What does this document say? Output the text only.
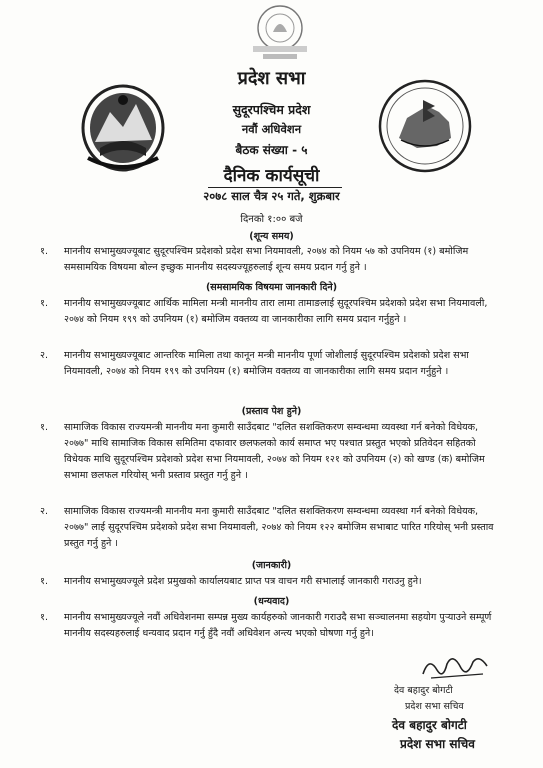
प्रदेश सभा
सुदूरपश्चिम प्रदेश
नवौं अधिवेशन
बैठक संख्या - ५
दैनिक कार्यसूची
२०७८ साल चैत्र २५ गते, शुक्रबार
दिनको १:०० बजे
(शून्य समय)
१. माननीय सभामुख्यज्यूबाट सुदूरपश्चिम प्रदेशको प्रदेश सभा नियमावली, २०७४ को नियम ५७ को उपनियम (१) बमोजिम समसामयिक विषयमा बोल्न इच्छुक माननीय सदस्यज्यूहरुलाई शून्य समय प्रदान गर्नु हुने ।

(समसामयिक विषयमा जानकारी दिने)
१. माननीय सभामुख्यज्यूबाट आर्थिक मामिला मन्त्री माननीय तारा लामा तामाङलाई सुदूरपश्चिम प्रदेशको प्रदेश सभा नियमावली, २०७४ को नियम १९९ को उपनियम (१) बमोजिम वक्तव्य वा जानकारीका लागि समय प्रदान गर्नुहुने ।

२. माननीय सभामुख्यज्यूबाट आन्तरिक मामिला तथा कानून मन्त्री माननीय पूर्णा जोशीलाई सुदूरपश्चिम प्रदेशको प्रदेश सभा नियमावली, २०७४ को नियम १९९ को उपनियम (१) बमोजिम वक्तव्य वा जानकारीका लागि समय प्रदान गर्नुहुने ।

(प्रस्ताव पेश हुने)
१. सामाजिक विकास राज्यमन्त्री माननीय मना कुमारी साउँदबाट "दलित सशक्तिकरण सम्वन्धमा व्यवस्था गर्न बनेको विधेयक, २०७७" माथि सामाजिक विकास समितिमा दफावार छलफलको कार्य समाप्त भए पश्चात प्रस्तुत भएको प्रतिवेदन सहितको विधेयक माथि सुदूरपश्चिम प्रदेशको प्रदेश सभा नियमावली, २०७४ को नियम १२१ को उपनियम (२) को खण्ड (क) बमोजिम सभामा छलफल गरियोस् भनी प्रस्ताव प्रस्तुत गर्नु हुने ।

२. सामाजिक विकास राज्यमन्त्री माननीय मना कुमारी साउँदबाट "दलित सशक्तिकरण सम्वन्धमा व्यवस्था गर्न बनेको विधेयक, २०७७" लाई सुदूरपश्चिम प्रदेशको प्रदेश सभा नियमावली, २०७४ को नियम १२२ बमोजिम सभाबाट पारित गरियोस् भनी प्रस्ताव प्रस्तुत गर्नु हुने ।

(जानकारी)
१. माननीय सभामुख्यज्यूले प्रदेश प्रमुखको कार्यालयबाट प्राप्त पत्र वाचन गरी सभालाई जानकारी गराउनु हुने।

(धन्यवाद)
१. माननीय सभामुख्यज्यूले नवौं अधिवेशनमा सम्पन्न मुख्य कार्यहरुको जानकारी गराउदै सभा सञ्चालनमा सहयोग पुऱ्याउने सम्पूर्ण माननीय सदस्यहरुलाई धन्यवाद प्रदान गर्नु हुँदै नवौं अधिवेशन अन्त्य भएको घोषणा गर्नु हुने।

देव बहादुर बोगटी
प्रदेश सभा सचिव
देव बहादुर बोगटी
प्रदेश सभा सचिव
